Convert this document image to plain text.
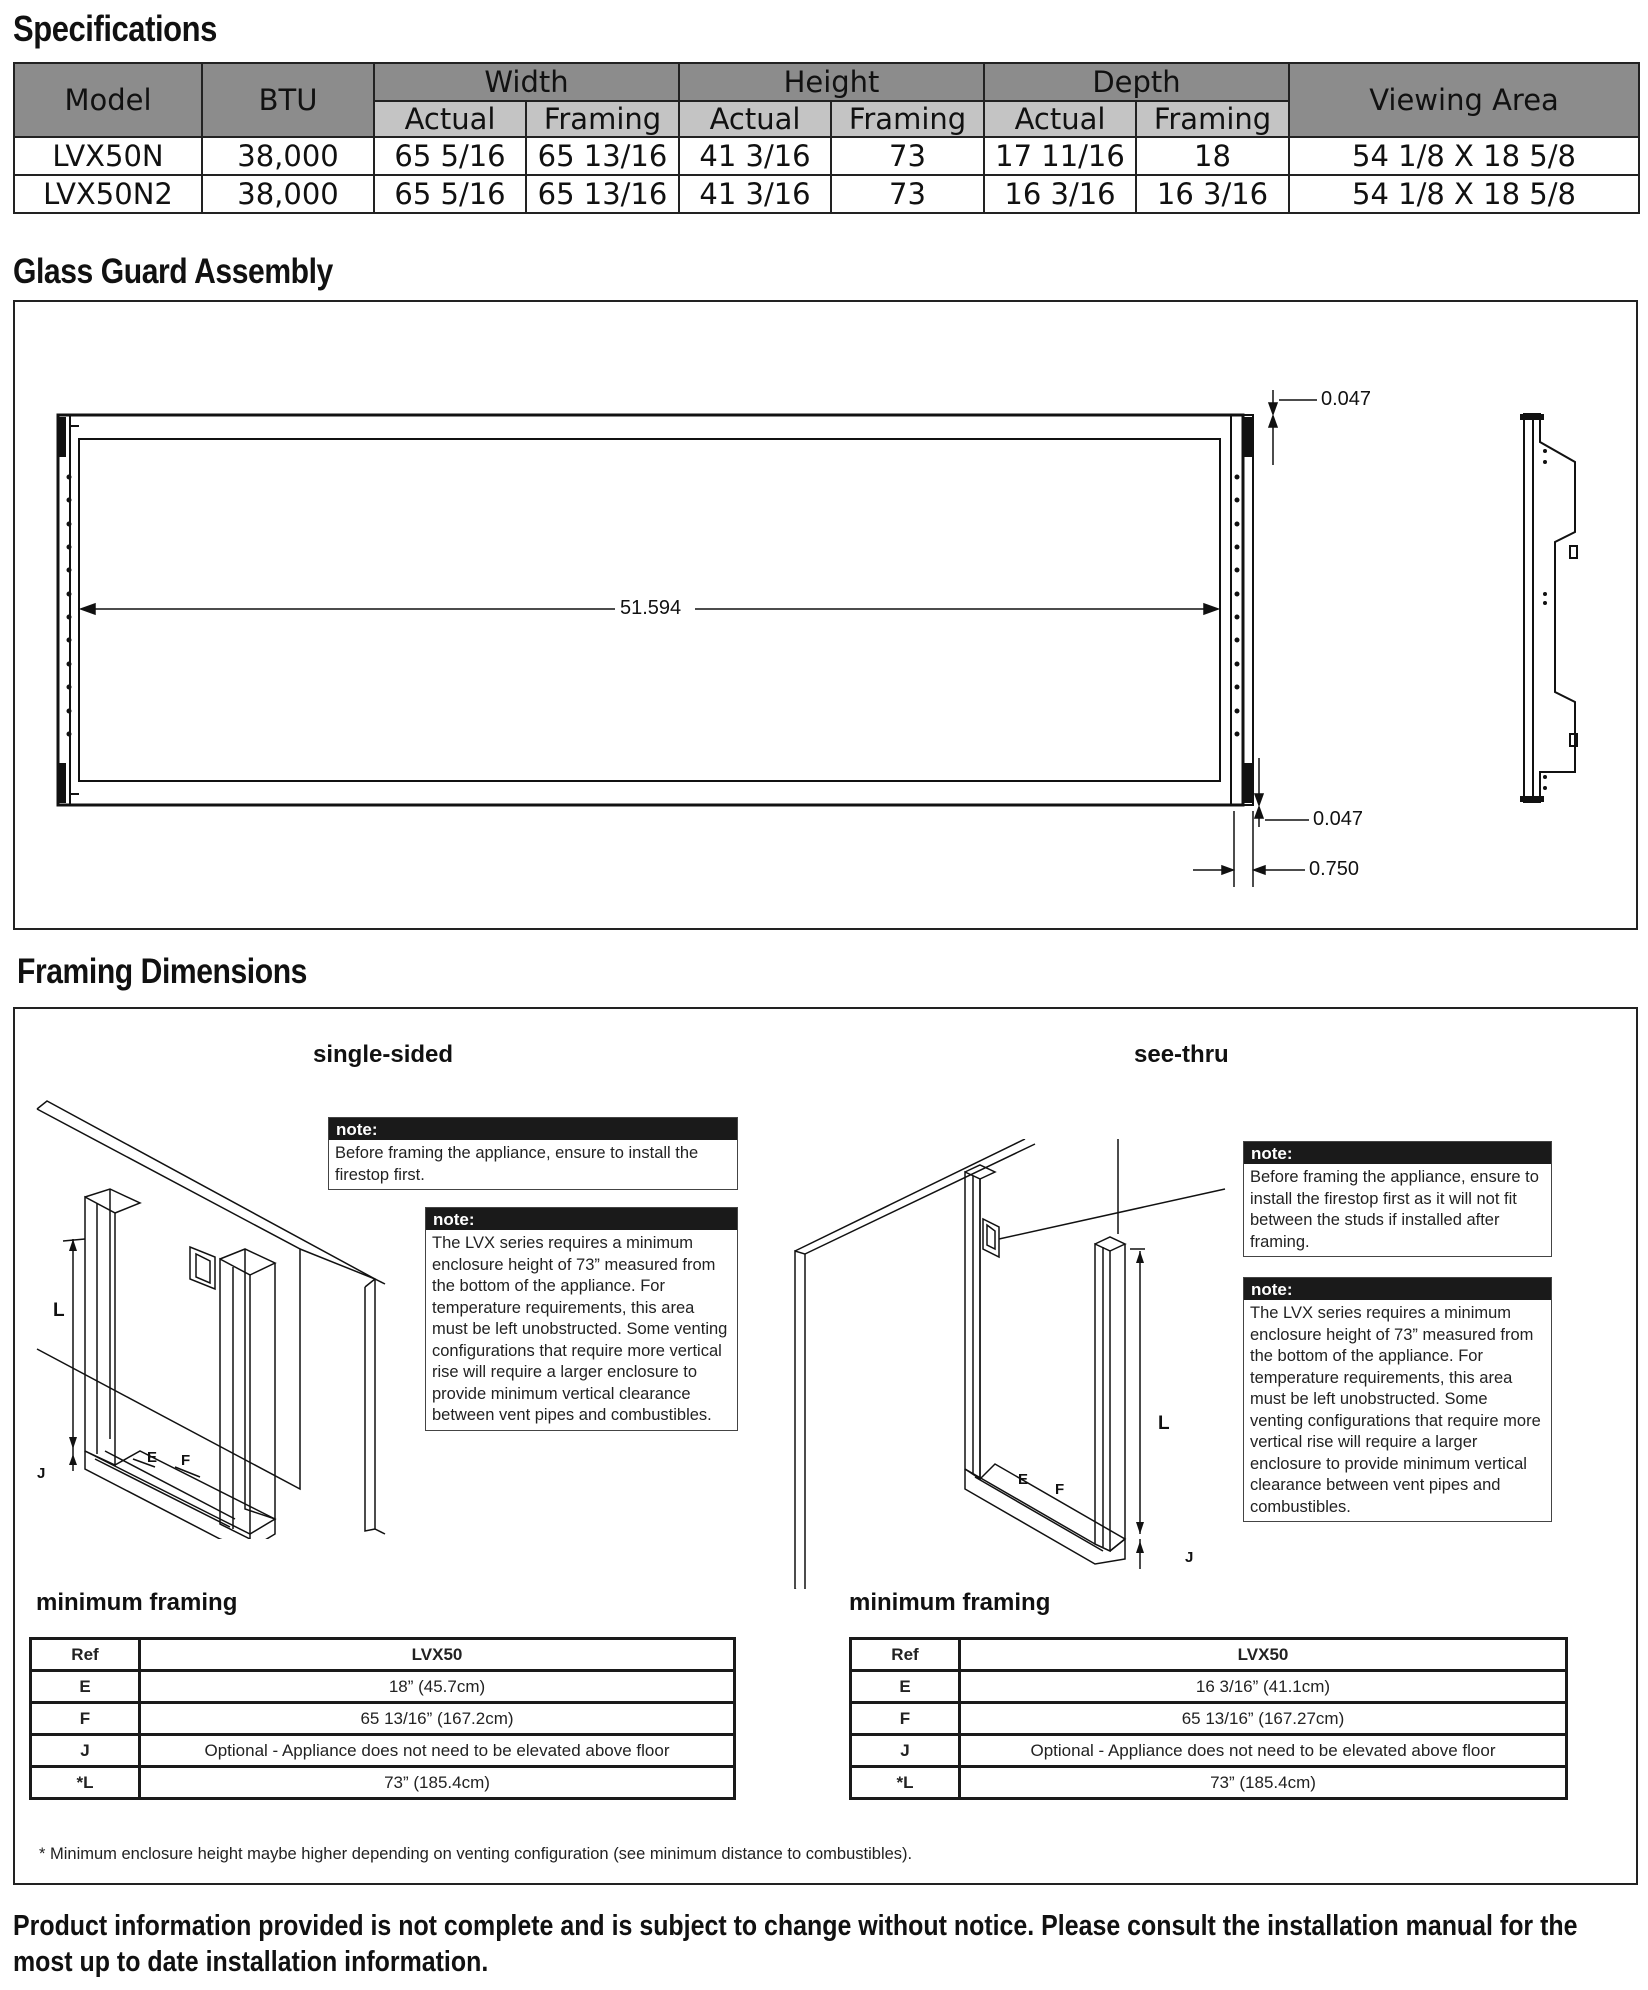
Specifications
Model	BTU	Width		Height		Depth		Viewing Area
		Actual	Framing	Actual	Framing	Actual	Framing	
LVX50N	38,000	65 5/16	65 13/16	41 3/16	73	17 11/16	18	54 1/8 X 18 5/8
LVX50N2	38,000	65 5/16	65 13/16	41 3/16	73	16 3/16	16 3/16	54 1/8 X 18 5/8
Glass Guard Assembly
51.594
0.047
0.047
0.750
Framing Dimensions
single-sided	see-thru
L
J
E F
note:
Before framing the appliance, ensure to install the firestop first.
note:
The LVX series requires a minimum enclosure height of 73” measured from the bottom of the appliance. For temperature requirements, this area must be left unobstructed. Some venting configurations that require more vertical rise will require a larger enclosure to provide minimum vertical clearance between vent pipes and combustibles.	L
J
E
F
note:
Before framing the appliance, ensure to install the firestop first as it will not fit between the studs if installed after framing.
note:
The LVX series requires a minimum enclosure height of 73” measured from the bottom of the appliance. For temperature requirements, this area must be left unobstructed. Some venting configurations that require more vertical rise will require a larger enclosure to provide minimum vertical clearance between vent pipes and combustibles.
minimum framing	minimum framing
Ref	LVX50
E	18” (45.7cm)
F	65 13/16” (167.2cm)
J	Optional - Appliance does not need to be elevated above floor
*L	73” (185.4cm)
Ref	LVX50
E	16 3/16” (41.1cm)
F	65 13/16” (167.27cm)
J	Optional - Appliance does not need to be elevated above floor
*L	73” (185.4cm)
* Minimum enclosure height maybe higher depending on venting configuration (see minimum distance to combustibles).
Product information provided is not complete and is subject to change without notice. Please consult the installation manual for the most up to date installation information.
